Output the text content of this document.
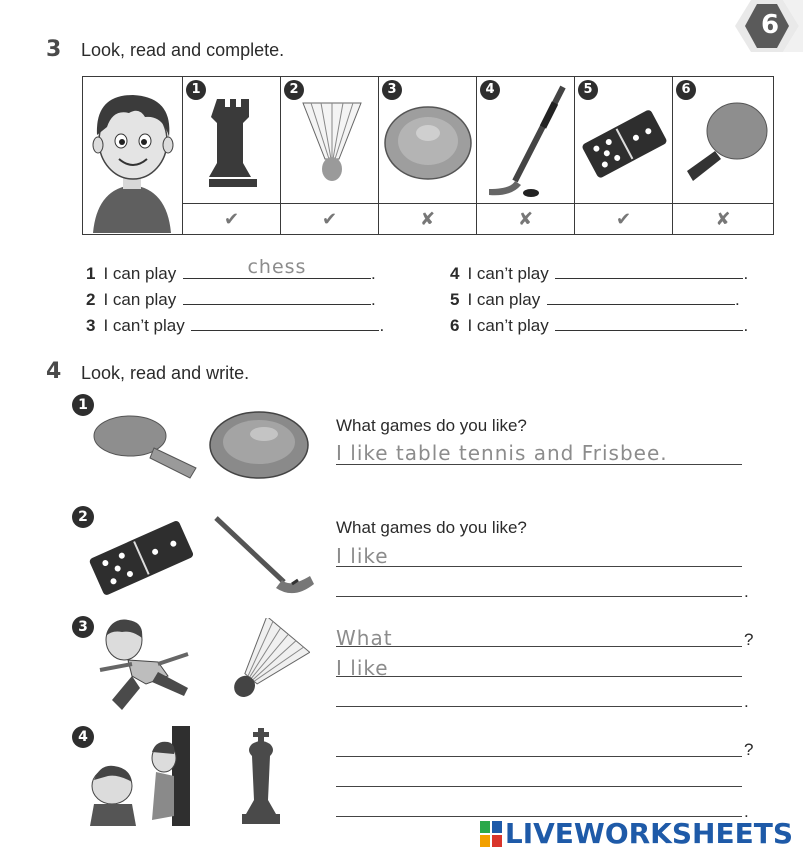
6
3 Look, read and complete.
1	2	3	4	5	6
✔	✔	✘	✘	✔	✘
1 I can play	chess	.
2 I can play	.
3 I can’t play	.
4 I can’t play	.
5 I can play	.
6 I can’t play	.
4 Look, read and write.
1
What games do you like?
I like table tennis and Frisbee.
2
What games do you like?
I like
.
3	What	?
I like
.
4
?
.
LIVEWORKSHEETS
